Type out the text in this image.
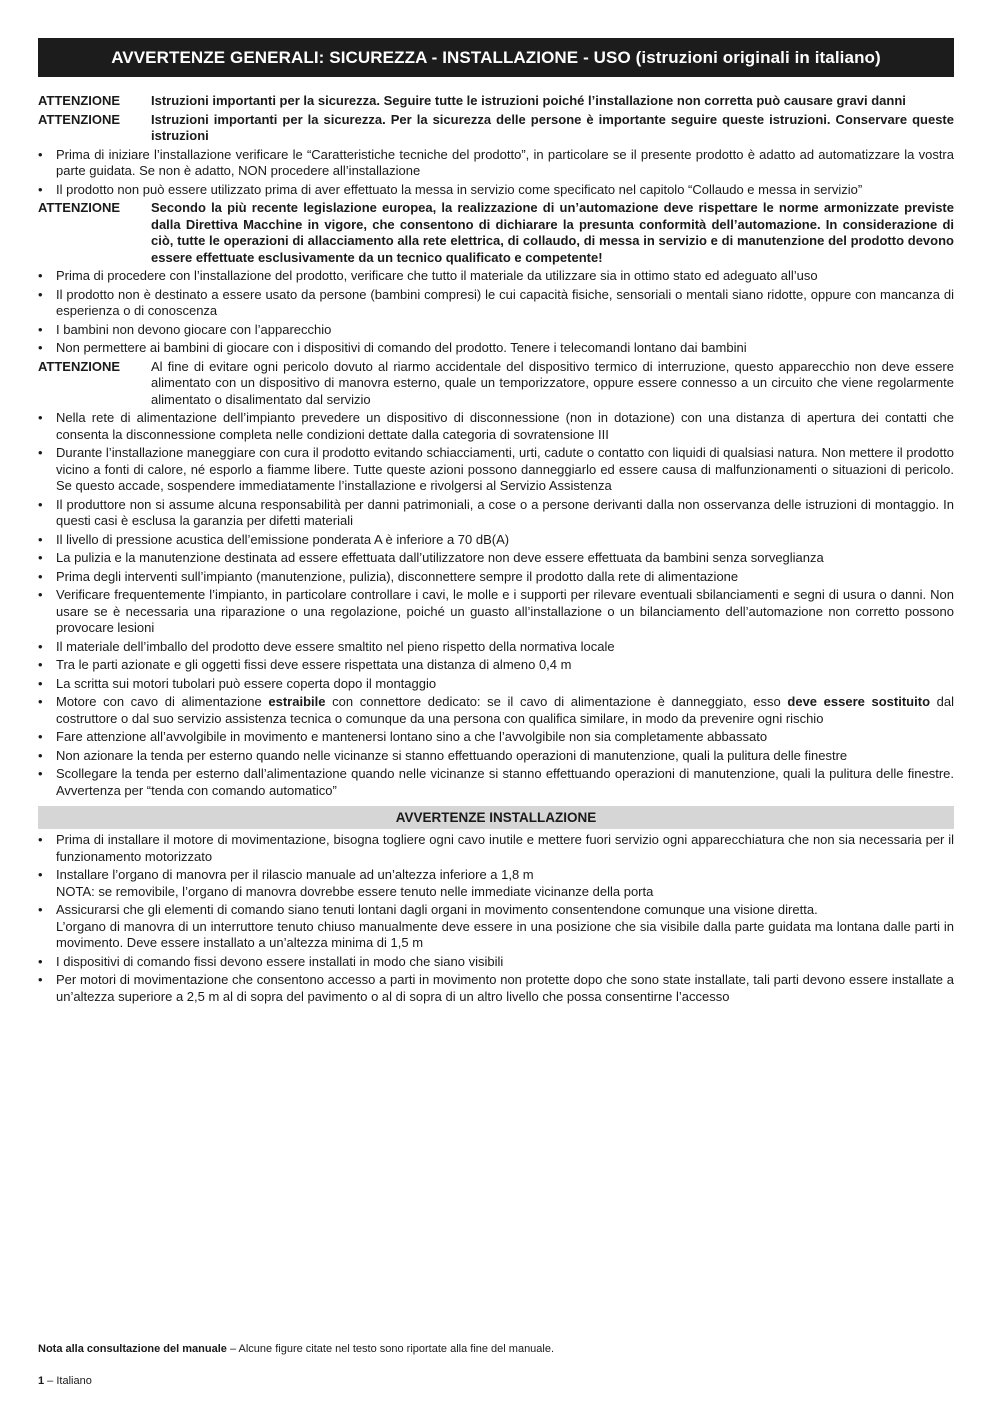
AVVERTENZE GENERALI: SICUREZZA - INSTALLAZIONE - USO (istruzioni originali in italiano)
ATTENZIONE	Istruzioni importanti per la sicurezza. Seguire tutte le istruzioni poiché l’installazione non corretta può causare gravi danni
ATTENZIONE	Istruzioni importanti per la sicurezza. Per la sicurezza delle persone è importante seguire queste istruzioni. Conservare queste istruzioni
•	Prima di iniziare l’installazione verificare le “Caratteristiche tecniche del prodotto”, in particolare se il presente prodotto è adatto ad automatizzare la vostra parte guidata. Se non è adatto, NON procedere all’installazione
•	Il prodotto non può essere utilizzato prima di aver effettuato la messa in servizio come specificato nel capitolo “Collaudo e messa in servizio”
ATTENZIONE	Secondo la più recente legislazione europea, la realizzazione di un’automazione deve rispettare le norme armonizzate previste dalla Direttiva Macchine in vigore, che consentono di dichiarare la presunta conformità dell’automazione. In considerazione di ciò, tutte le operazioni di allacciamento alla rete elettrica, di collaudo, di messa in servizio e di manutenzione del prodotto devono essere effettuate esclusivamente da un tecnico qualificato e competente!
•	Prima di procedere con l’installazione del prodotto, verificare che tutto il materiale da utilizzare sia in ottimo stato ed adeguato all’uso
•	Il prodotto non è destinato a essere usato da persone (bambini compresi) le cui capacità fisiche, sensoriali o mentali siano ridotte, oppure con mancanza di esperienza o di conoscenza
•	I bambini non devono giocare con l’apparecchio
•	Non permettere ai bambini di giocare con i dispositivi di comando del prodotto. Tenere i telecomandi lontano dai bambini
ATTENZIONE	Al fine di evitare ogni pericolo dovuto al riarmo accidentale del dispositivo termico di interruzione, questo apparecchio non deve essere alimentato con un dispositivo di manovra esterno, quale un temporizzatore, oppure essere connesso a un circuito che viene regolarmente alimentato o disalimentato dal servizio
•	Nella rete di alimentazione dell’impianto prevedere un dispositivo di disconnessione (non in dotazione) con una distanza di apertura dei contatti che consenta la disconnessione completa nelle condizioni dettate dalla categoria di sovratensione III
•	Durante l’installazione maneggiare con cura il prodotto evitando schiacciamenti, urti, cadute o contatto con liquidi di qualsiasi natura. Non mettere il prodotto vicino a fonti di calore, né esporlo a fiamme libere. Tutte queste azioni possono danneggiarlo ed essere causa di malfunzionamenti o situazioni di pericolo. Se questo accade, sospendere immediatamente l’installazione e rivolgersi al Servizio Assistenza
•	Il produttore non si assume alcuna responsabilità per danni patrimoniali, a cose o a persone derivanti dalla non osservanza delle istruzioni di montaggio. In questi casi è esclusa la garanzia per difetti materiali
•	Il livello di pressione acustica dell’emissione ponderata A è inferiore a 70 dB(A)
•	La pulizia e la manutenzione destinata ad essere effettuata dall’utilizzatore non deve essere effettuata da bambini senza sorveglianza
•	Prima degli interventi sull’impianto (manutenzione, pulizia), disconnettere sempre il prodotto dalla rete di alimentazione
•	Verificare frequentemente l’impianto, in particolare controllare i cavi, le molle e i supporti per rilevare eventuali sbilanciamenti e segni di usura o danni. Non usare se è necessaria una riparazione o una regolazione, poiché un guasto all’installazione o un bilanciamento dell’automazione non corretto possono provocare lesioni
•	Il materiale dell’imballo del prodotto deve essere smaltito nel pieno rispetto della normativa locale
•	Tra le parti azionate e gli oggetti fissi deve essere rispettata una distanza di almeno 0,4 m
•	La scritta sui motori tubolari può essere coperta dopo il montaggio
•	Motore con cavo di alimentazione estraibile con connettore dedicato: se il cavo di alimentazione è danneggiato, esso deve essere sostituito dal costruttore o dal suo servizio assistenza tecnica o comunque da una persona con qualifica similare, in modo da prevenire ogni rischio
•	Fare attenzione all’avvolgibile in movimento e mantenersi lontano sino a che l’avvolgibile non sia completamente abbassato
•	Non azionare la tenda per esterno quando nelle vicinanze si stanno effettuando operazioni di manutenzione, quali la pulitura delle finestre
•	Scollegare la tenda per esterno dall’alimentazione quando nelle vicinanze si stanno effettuando operazioni di manutenzione, quali la pulitura delle finestre. Avvertenza per “tenda con comando automatico”
AVVERTENZE INSTALLAZIONE
•	Prima di installare il motore di movimentazione, bisogna togliere ogni cavo inutile e mettere fuori servizio ogni apparecchiatura che non sia necessaria per il funzionamento motorizzato
•	Installare l’organo di manovra per il rilascio manuale ad un’altezza inferiore a 1,8 m
NOTA: se removibile, l’organo di manovra dovrebbe essere tenuto nelle immediate vicinanze della porta
•	Assicurarsi che gli elementi di comando siano tenuti lontani dagli organi in movimento consentendone comunque una visione diretta.
L’organo di manovra di un interruttore tenuto chiuso manualmente deve essere in una posizione che sia visibile dalla parte guidata ma lontana dalle parti in movimento. Deve essere installato a un’altezza minima di 1,5 m
•	I dispositivi di comando fissi devono essere installati in modo che siano visibili
•	Per motori di movimentazione che consentono accesso a parti in movimento non protette dopo che sono state installate, tali parti devono essere installate a un’altezza superiore a 2,5 m al di sopra del pavimento o al di sopra di un altro livello che possa consentirne l’accesso
Nota alla consultazione del manuale – Alcune figure citate nel testo sono riportate alla fine del manuale.
1 – Italiano
